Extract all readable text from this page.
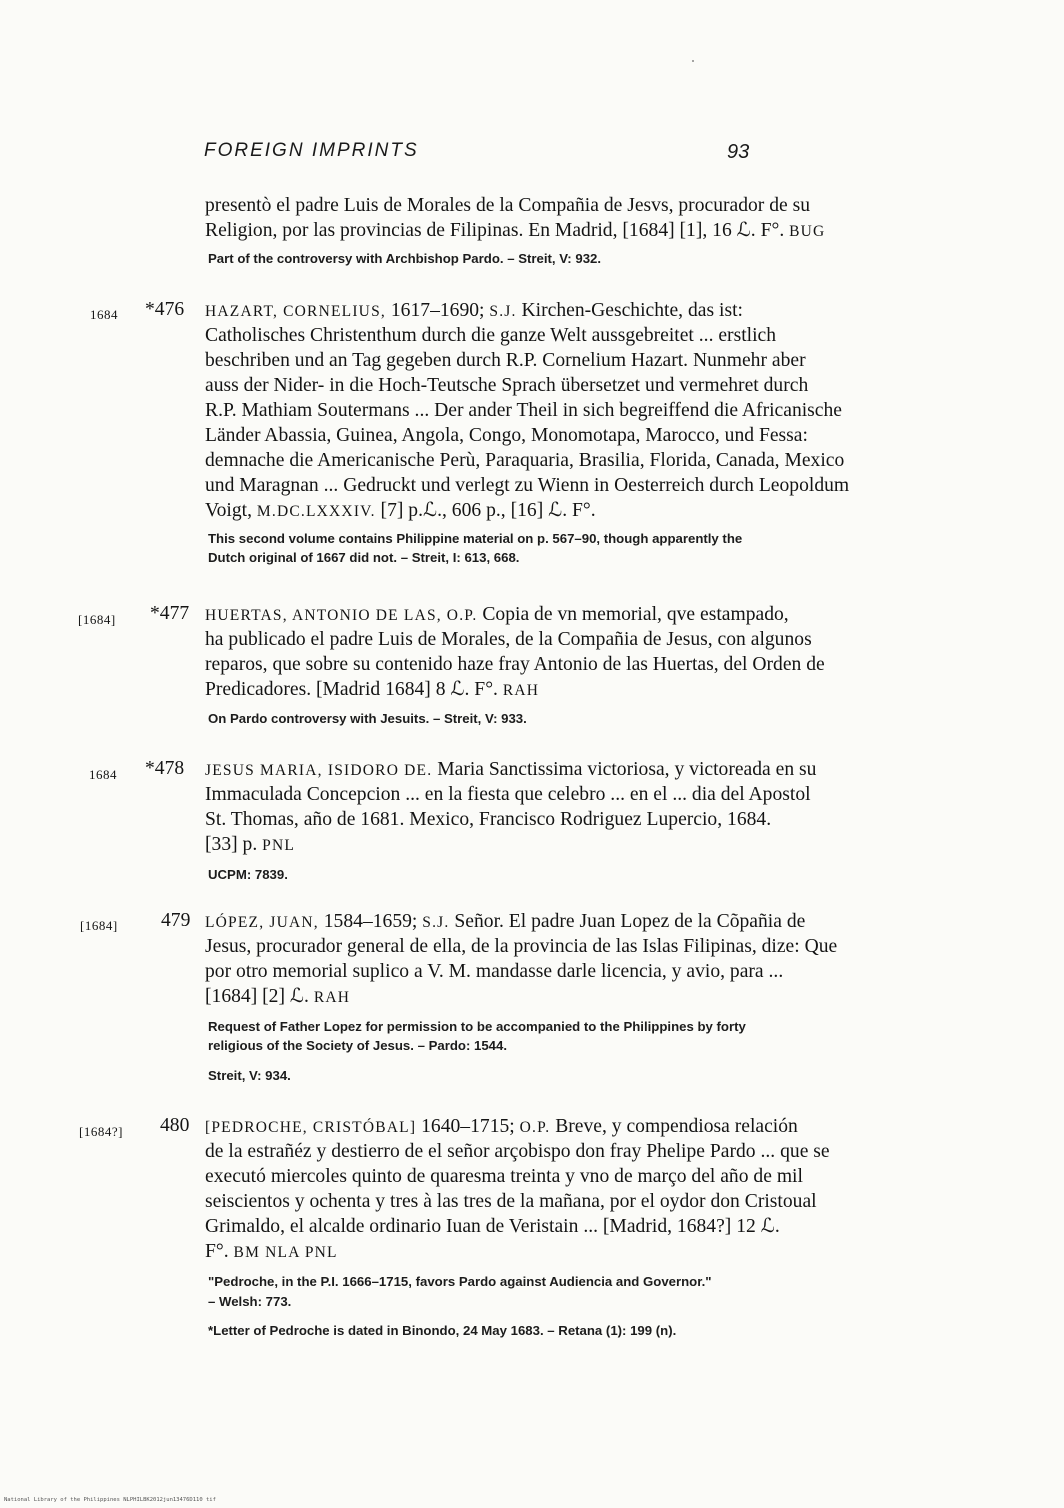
FOREIGN IMPRINTS	93
presentò el padre Luis de Morales de la Compañia de Jesvs, procurador de su
Religion, por las provincias de Filipinas. En Madrid, [1684] [1], 16 ℒ. F°. BUG
Part of the controversy with Archbishop Pardo. – Streit, V: 932.
1684 *476 HAZART, CORNELIUS, 1617–1690; S.J. Kirchen-Geschichte, das ist:
Catholisches Christenthum durch die ganze Welt aussgebreitet ... erstlich
beschriben und an Tag gegeben durch R.P. Cornelium Hazart. Nunmehr aber
auss der Nider- in die Hoch-Teutsche Sprach übersetzet und vermehret durch
R.P. Mathiam Soutermans ... Der ander Theil in sich begreiffend die Africanische
Länder Abassia, Guinea, Angola, Congo, Monomotapa, Marocco, und Fessa:
demnache die Americanische Perù, Paraquaria, Brasilia, Florida, Canada, Mexico
und Maragnan ... Gedruckt und verlegt zu Wienn in Oesterreich durch Leopoldum
Voigt, M.DC.LXXXIV. [7] p.ℒ., 606 p., [16] ℒ. F°.
This second volume contains Philippine material on p. 567–90, though apparently the
Dutch original of 1667 did not. – Streit, I: 613, 668.
[1684] *477 HUERTAS, ANTONIO DE LAS, O.P. Copia de vn memorial, qve estampado,
ha publicado el padre Luis de Morales, de la Compañia de Jesus, con algunos
reparos, que sobre su contenido haze fray Antonio de las Huertas, del Orden de
Predicadores. [Madrid 1684] 8 ℒ. F°. RAH
On Pardo controversy with Jesuits. – Streit, V: 933.
1684 *478 JESUS MARIA, ISIDORO DE. Maria Sanctissima victoriosa, y victoreada en su
Immaculada Concepcion ... en la fiesta que celebro ... en el ... dia del Apostol
St. Thomas, año de 1681. Mexico, Francisco Rodriguez Lupercio, 1684.
[33] p. PNL
UCPM: 7839.
[1684] 479 LÓPEZ, JUAN, 1584–1659; S.J. Señor. El padre Juan Lopez de la Cõpañia de
Jesus, procurador general de ella, de la provincia de las Islas Filipinas, dize: Que
por otro memorial suplico a V. M. mandasse darle licencia, y avio, para ...
[1684] [2] ℒ. RAH
Request of Father Lopez for permission to be accompanied to the Philippines by forty
religious of the Society of Jesus. – Pardo: 1544.
Streit, V: 934.
[1684?] 480 [PEDROCHE, CRISTÓBAL] 1640–1715; O.P. Breve, y compendiosa relación
de la estrañéz y destierro de el señor arçobispo don fray Phelipe Pardo ... que se
executó miercoles quinto de quaresma treinta y vno de março del año de mil
seiscientos y ochenta y tres à las tres de la mañana, por el oydor don Cristoual
Grimaldo, el alcalde ordinario Iuan de Veristain ... [Madrid, 1684?] 12 ℒ.
F°. BM NLA PNL
"Pedroche, in the P.I. 1666–1715, favors Pardo against Audiencia and Governor."
– Welsh: 773.
*Letter of Pedroche is dated in Binondo, 24 May 1683. – Retana (1): 199 (n).
National Library of the Philippines NLPHILBK2012jun13476D110 tif
